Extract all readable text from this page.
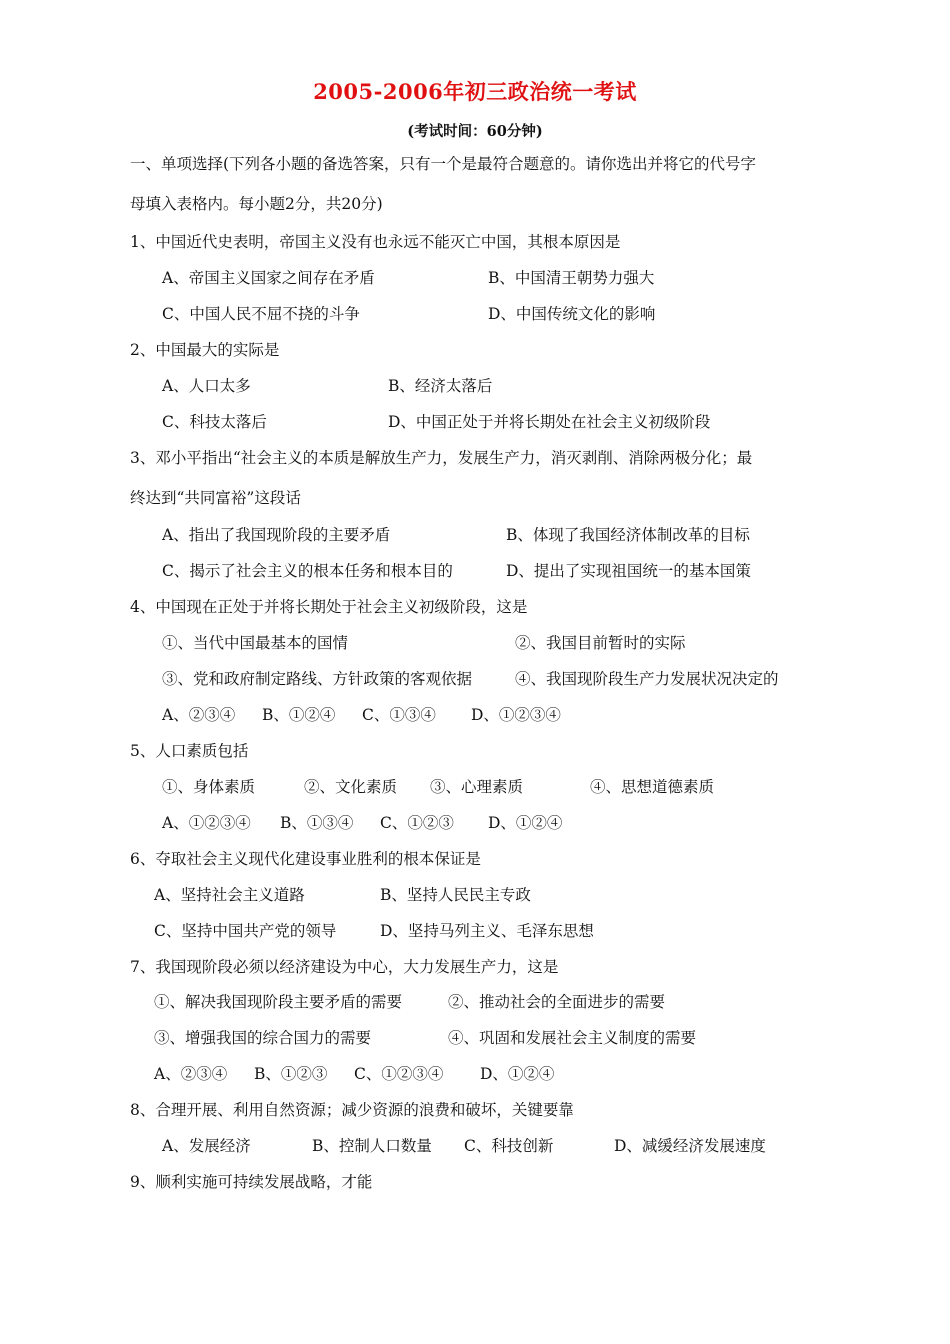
2005-2006年初三政治统一考试
(考试时间：60分钟)
一、单项选择(下列各小题的备选答案，只有一个是最符合题意的。请你选出并将它的代号字
母填入表格内。每小题2分，共20分)
1、中国近代史表明，帝国主义没有也永远不能灭亡中国，其根本原因是
A、帝国主义国家之间存在矛盾	B、中国清王朝势力强大
C、中国人民不屈不挠的斗争	D、中国传统文化的影响
2、中国最大的实际是
A、人口太多	B、经济太落后
C、科技太落后	D、中国正处于并将长期处在社会主义初级阶段
3、邓小平指出“社会主义的本质是解放生产力，发展生产力，消灭剥削、消除两极分化；最
终达到“共同富裕”这段话
A、指出了我国现阶段的主要矛盾	B、体现了我国经济体制改革的目标
C、揭示了社会主义的根本任务和根本目的	D、提出了实现祖国统一的基本国策
4、中国现在正处于并将长期处于社会主义初级阶段，这是
①、当代中国最基本的国情	②、我国目前暂时的实际
③、党和政府制定路线、方针政策的客观依据	④、我国现阶段生产力发展状况决定的
A、②③④ B、①②④ C、①③④ D、①②③④
5、人口素质包括
①、身体素质	②、文化素质 ③、心理素质	④、思想道德素质
A、①②③④ B、①③④ C、①②③ D、①②④
6、夺取社会主义现代化建设事业胜利的根本保证是
A、坚持社会主义道路	B、坚持人民民主专政
C、坚持中国共产党的领导	D、坚持马列主义、毛泽东思想
7、我国现阶段必须以经济建设为中心，大力发展生产力，这是
①、解决我国现阶段主要矛盾的需要	②、推动社会的全面进步的需要
③、增强我国的综合国力的需要	④、巩固和发展社会主义制度的需要
A、②③④ B、①②③ C、①②③④ D、①②④
8、合理开展、利用自然资源；减少资源的浪费和破坏，关键要靠
A、发展经济	B、控制人口数量 C、科技创新	D、减缓经济发展速度
9、顺利实施可持续发展战略，才能
